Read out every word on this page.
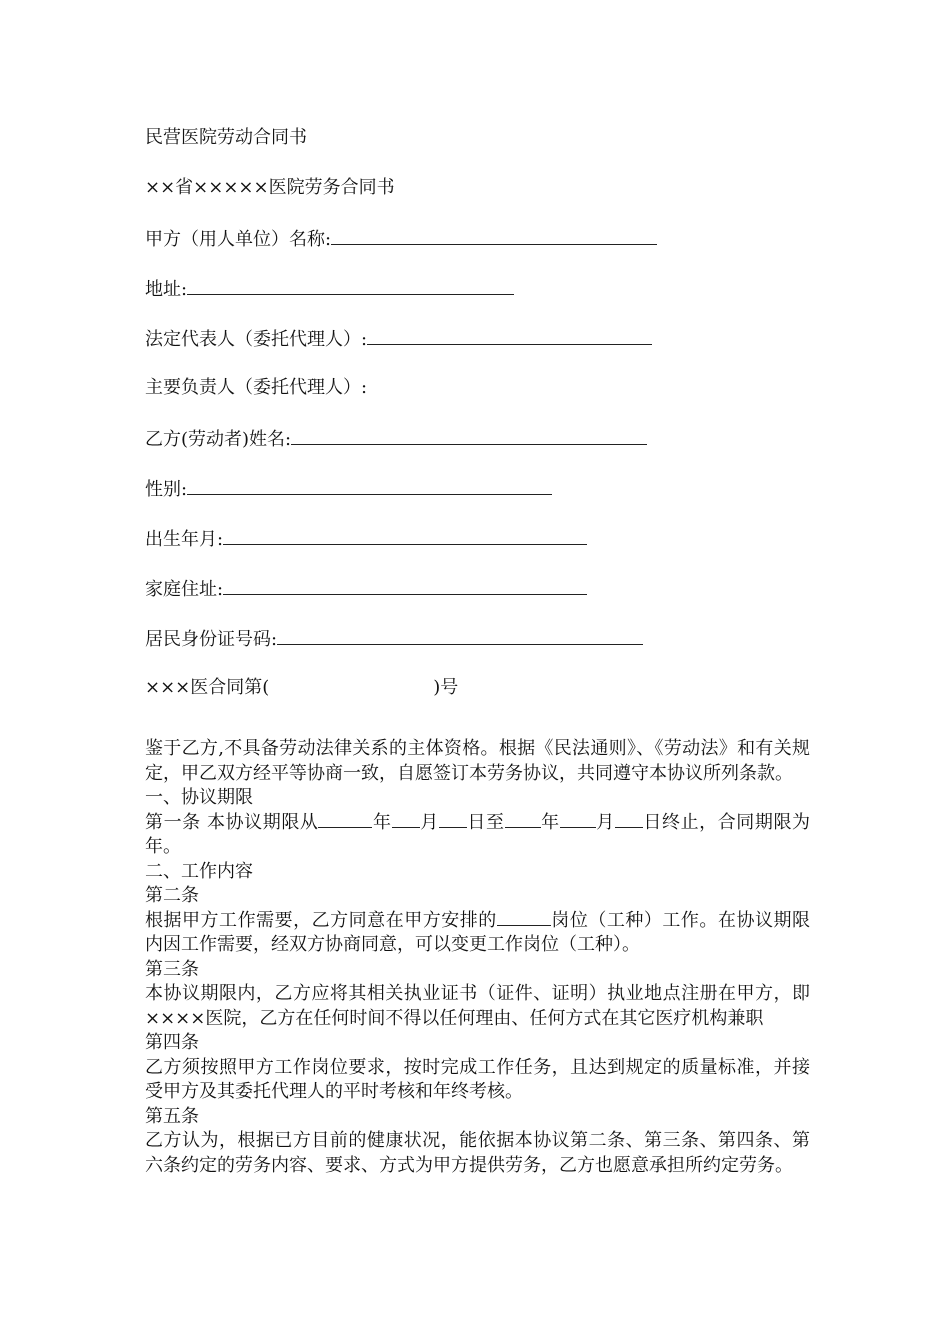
民营医院劳动合同书
××省×××××医院劳务合同书
甲方（用人单位）名称:
地址:
法定代表人（委托代理人）:
主要负责人（委托代理人）:
乙方(劳动者)姓名:
性别:
出生年月:
家庭住址:
居民身份证号码:
×××医合同第(	)号

鉴于乙方,不具备劳动法律关系的主体资格。根据《民法通则》、《劳动法》和有关规定，甲乙双方经平等协商一致，自愿签订本劳务协议，共同遵守本协议所列条款。

一、协议期限

第一条 本协议期限从	年 月 日至 年 月 日终止，合同期限为年。

二、工作内容

第二条

根据甲方工作需要，乙方同意在甲方安排的	岗位（工种）工作。在协议期限内因工作需要，经双方协商同意，可以变更工作岗位（工种）。

第三条

本协议期限内，乙方应将其相关执业证书（证件、证明）执业地点注册在甲方，即××××医院，乙方在任何时间不得以任何理由、任何方式在其它医疗机构兼职

第四条

乙方须按照甲方工作岗位要求，按时完成工作任务，且达到规定的质量标准，并接受甲方及其委托代理人的平时考核和年终考核。

第五条

乙方认为，根据已方目前的健康状况，能依据本协议第二条、第三条、第四条、第六条约定的劳务内容、要求、方式为甲方提供劳务，乙方也愿意承担所约定劳务。
